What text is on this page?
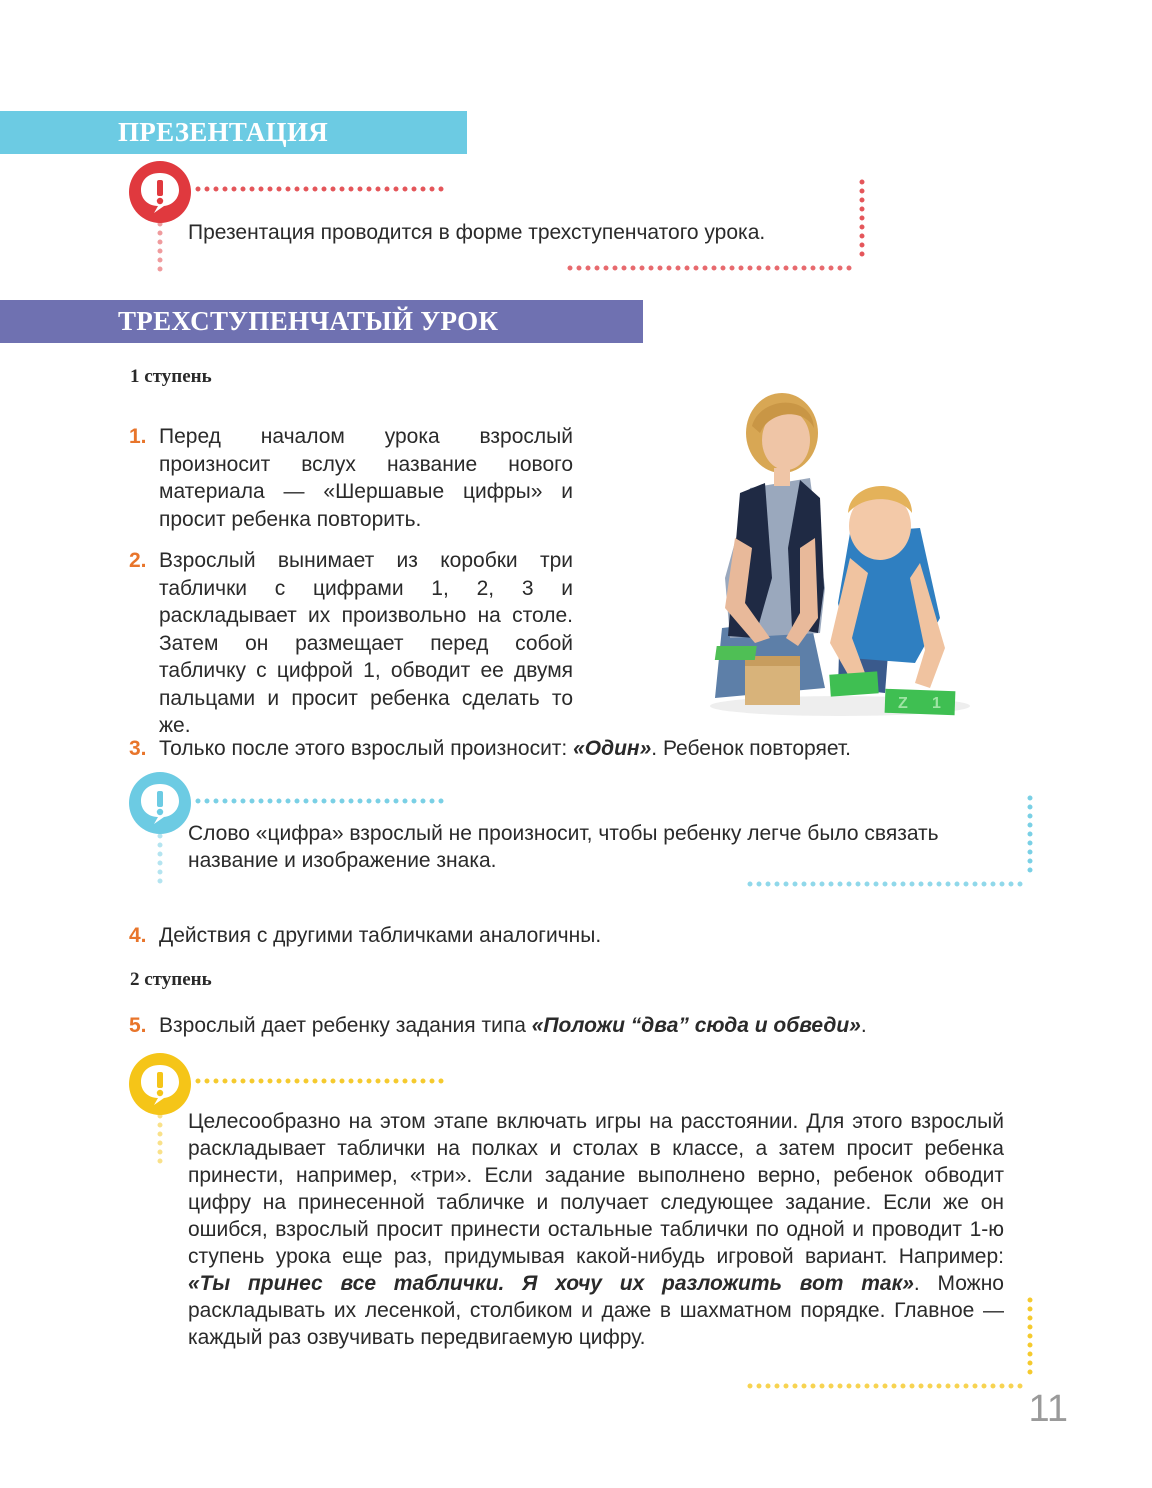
ПРЕЗЕНТАЦИЯ
Презентация проводится в форме трехступенчатого урока.
ТРЕХСТУПЕНЧАТЫЙ УРОК
1 ступень
1. Перед началом урока взрослый произносит вслух название нового материала — «Шершавые цифры» и просит ребенка повторить.
2. Взрослый вынимает из коробки три таблички с цифрами 1, 2, 3 и раскладывает их произвольно на столе. Затем он размещает перед собой табличку с цифрой 1, обводит ее двумя пальцами и просит ребенка сделать то же.
Z 1
3. Только после этого взрослый произносит: «Один». Ребенок повторяет.
Слово «цифра» взрослый не произносит, чтобы ребенку легче было связать название и изображение знака.
4. Действия с другими табличками аналогичны.
2 ступень
5. Взрослый дает ребенку задания типа «Положи “два” сюда и обведи».
Целесообразно на этом этапе включать игры на расстоянии. Для этого взрослый раскладывает таблички на полках и столах в классе, а затем просит ребенка принести, например, «три». Если задание выполнено верно, ребенок обводит цифру на принесенной табличке и получает следующее задание. Если же он ошибся, взрослый просит принести остальные таблички по одной и проводит 1-ю ступень урока еще раз, придумывая какой-нибудь игровой вариант. Например: «Ты принес все таблички. Я хочу их разложить вот так». Можно раскладывать их лесенкой, столбиком и даже в шахматном порядке. Главное — каждый раз озвучивать передвигаемую цифру.
11
